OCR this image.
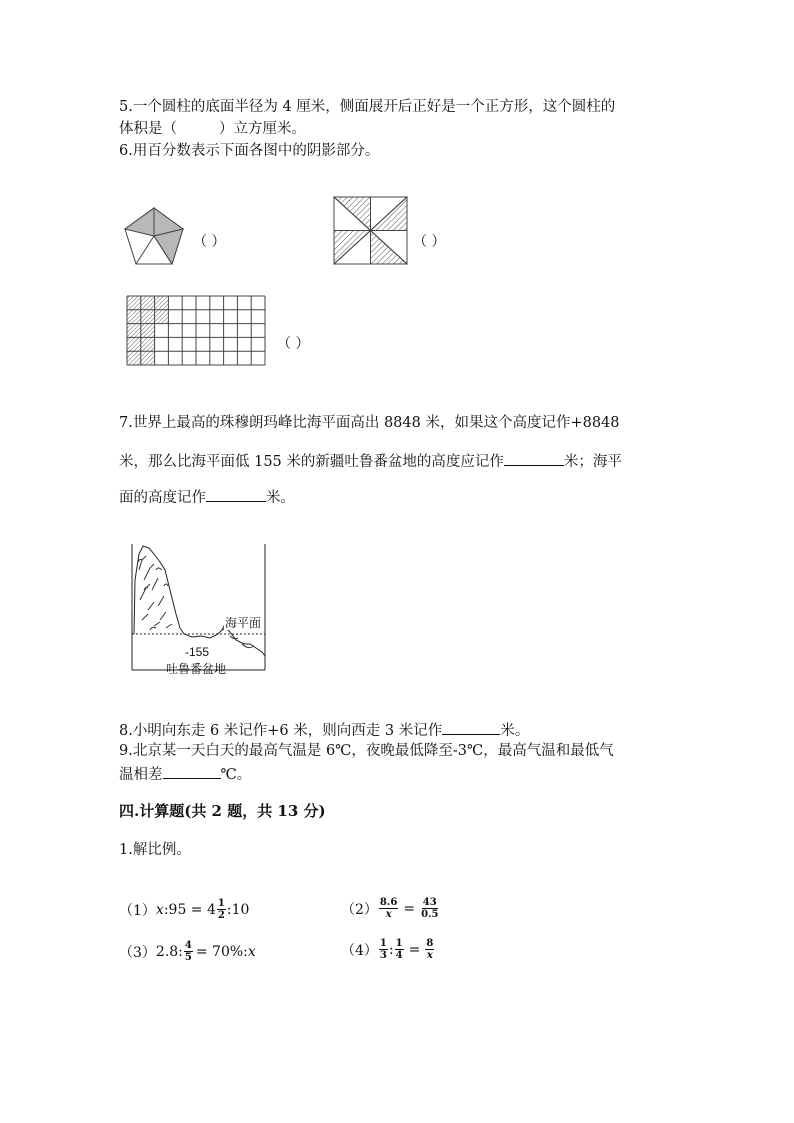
5.一个圆柱的底面半径为 4 厘米，侧面展开后正好是一个正方形，这个圆柱的
体积是（	）立方厘米。
6.用百分数表示下面各图中的阴影部分。
（ ）	（ ）
（ ）
7.世界上最高的珠穆朗玛峰比海平面高出 8848 米，如果这个高度记作+8848
米，那么比海平面低 155 米的新疆吐鲁番盆地的高度应记作	米；海平
面的高度记作	米。
海平面
-155
吐鲁番盆地
8.小明向东走 6 米记作+6 米，则向西走 3 米记作	米。
9.北京某一天白天的最高气温是 6℃，夜晚最低降至-3℃，最高气温和最低气
温相差	℃。
四.计算题(共 2 题，共 13 分)
1.解比例。
（1） x:95 = $4 \frac{1}{2}$ :10	$(2) \frac{8.6}{x} = \frac{43}{0.5}$
（3） 2.8: $\frac{4}{5} = 70\%$: x	$(4) \frac{1}{3}$ : $\frac{1}{4} = \frac{8}{x}$
